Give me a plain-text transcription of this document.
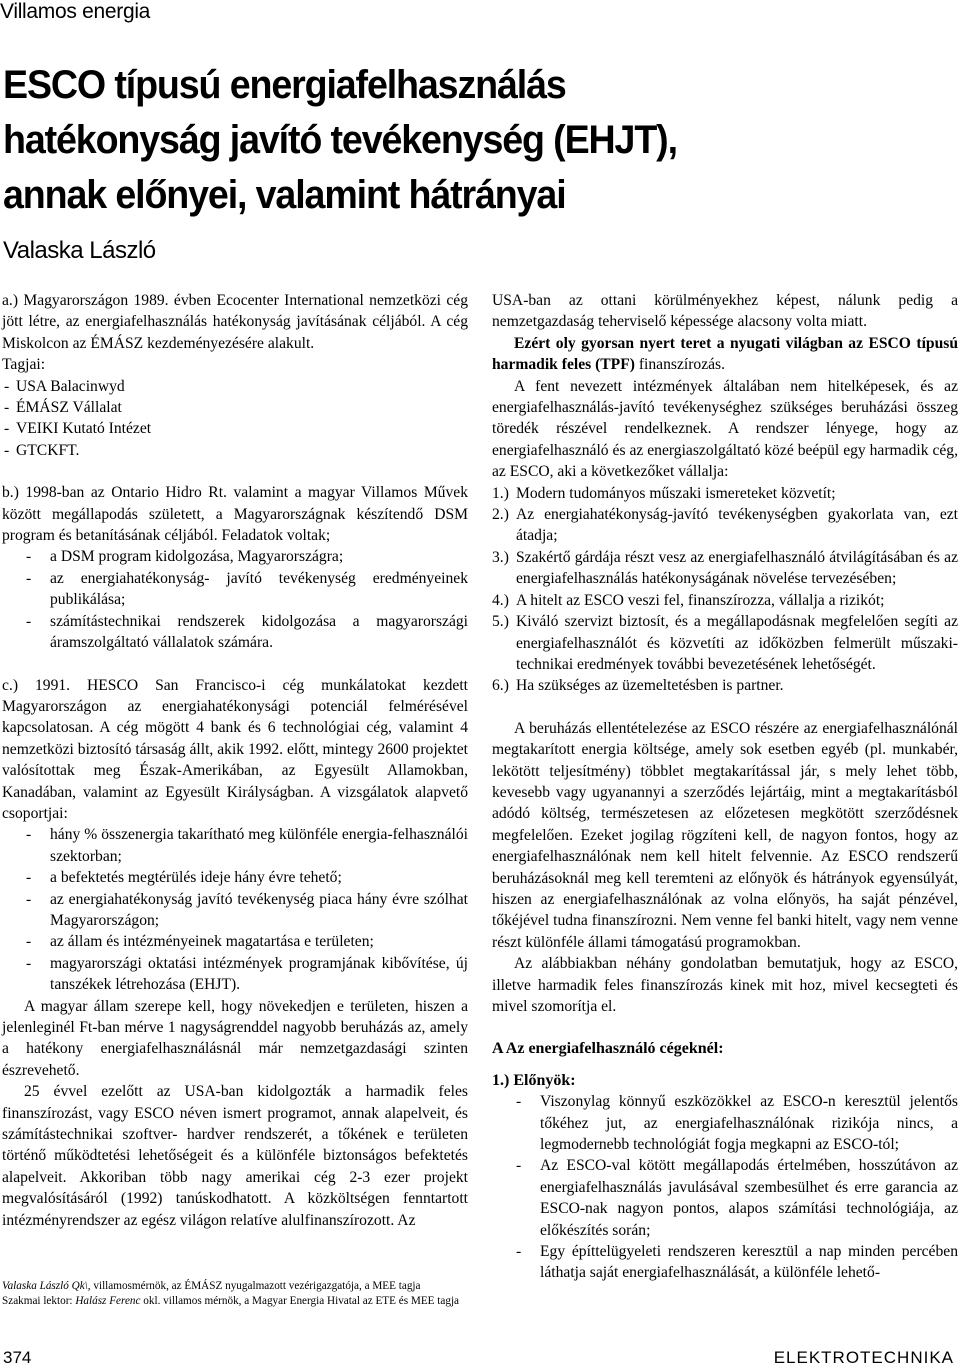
Villamos energia
ESCO típusú energiafelhasználás
hatékonyság javító tevékenység (EHJT),
annak előnyei, valamint hátrányai
Valaska László

a.) Magyarországon 1989. évben Ecocenter International nemzetközi cég jött létre, az energiafelhasználás hatékonyság javításának céljából. A cég Miskolcon az ÉMÁSZ kezdeményezésére alakult.

Tagjai:

- USA Balacinwyd
- ÉMÁSZ Vállalat
- VEIKI Kutató Intézet
- GTCKFT.

b.) 1998-ban az Ontario Hidro Rt. valamint a magyar Villamos Művek között megállapodás született, a Magyarországnak készítendő DSM program és betanításának céljából. Feladatok voltak;

- a DSM program kidolgozása, Magyarországra;
- az energiahatékonyság- javító tevékenység eredményeinek publikálása;
- számítástechnikai rendszerek kidolgozása a magyarországi áramszolgáltató vállalatok számára.

c.) 1991. HESCO San Francisco-i cég munkálatokat kezdett Magyarországon az energiahatékonysági potenciál felmérésével kapcsolatosan. A cég mögött 4 bank és 6 technológiai cég, valamint 4 nemzetközi biztosító társaság állt, akik 1992. előtt, mintegy 2600 projektet valósítottak meg Észak-Amerikában, az Egyesült Allamokban, Kanadában, valamint az Egyesült Királyságban. A vizsgálatok alapvető csoportjai:

- hány % összenergia takarítható meg különféle energia-felhasználói szektorban;
- a befektetés megtérülés ideje hány évre tehető;
- az energiahatékonyság javító tevékenység piaca hány évre szólhat Magyarországon;
- az állam és intézményeinek magatartása e területen;
- magyarországi oktatási intézmények programjának kibővítése, új tanszékek létrehozása (EHJT).

A magyar állam szerepe kell, hogy növekedjen e területen, hiszen a jelenleginél Ft-ban mérve 1 nagyságrenddel nagyobb beruházás az, amely a hatékony energiafelhasználásnál már nemzetgazdasági szinten észrevehető.

25 évvel ezelőtt az USA-ban kidolgozták a harmadik feles finanszírozást, vagy ESCO néven ismert programot, annak alapelveit, és számítástechnikai szoftver- hardver rendszerét, a tőkének e területen történő működtetési lehetőségeit és a különféle biztonságos befektetés alapelveit. Akkoriban több nagy amerikai cég 2-3 ezer projekt megvalósításáról (1992) tanúskodhatott. A közköltségen fenntartott intézményrendszer az egész világon relatíve alulfinanszírozott. Az

USA-ban az ottani körülményekhez képest, nálunk pedig a nemzetgazdaság teherviselő képessége alacsony volta miatt.

Ezért oly gyorsan nyert teret a nyugati világban az ESCO típusú harmadik feles (TPF) finanszírozás.

A fent nevezett intézmények általában nem hitelképesek, és az energiafelhasználás-javító tevékenységhez szükséges beruházási összeg töredék részével rendelkeznek. A rendszer lényege, hogy az energiafelhasználó és az energiaszolgáltató közé beépül egy harmadik cég, az ESCO, aki a következőket vállalja:

1.) Modern tudományos műszaki ismereteket közvetít;
2.) Az energiahatékonyság-javító tevékenységben gyakorlata van, ezt átadja;
3.) Szakértő gárdája részt vesz az energiafelhasználó átvilágításában és az energiafelhasználás hatékonyságának növelése tervezésében;
4.) A hitelt az ESCO veszi fel, finanszírozza, vállalja a rizikót;
5.) Kiváló szervizt biztosít, és a megállapodásnak megfelelően segíti az energiafelhasználót és közvetíti az időközben felmerült műszaki-technikai eredmények további bevezetésének lehetőségét.
6.) Ha szükséges az üzemeltetésben is partner.

A beruházás ellentételezése az ESCO részére az energiafelhasználónál megtakarított energia költsége, amely sok esetben egyéb (pl. munkabér, lekötött teljesítmény) többlet megtakarítással jár, s mely lehet több, kevesebb vagy ugyanannyi a szerződés lejártáig, mint a megtakarításból adódó költség, természetesen az előzetesen megkötött szerződésnek megfelelően. Ezeket jogilag rögzíteni kell, de nagyon fontos, hogy az energiafelhasználónak nem kell hitelt felvennie. Az ESCO rendszerű beruházásoknál meg kell teremteni az előnyök és hátrányok egyensúlyát, hiszen az energiafelhasználónak az volna előnyös, ha saját pénzével, tőkéjével tudna finanszírozni. Nem venne fel banki hitelt, vagy nem venne részt különféle állami támogatású programokban.

Az alábbiakban néhány gondolatban bemutatjuk, hogy az ESCO, illetve harmadik feles finanszírozás kinek mit hoz, mivel kecsegteti és mivel szomorítja el.

A Az energiafelhasználó cégeknél:

1.) Előnyök:

- Viszonylag könnyű eszközökkel az ESCO-n keresztül jelentős tőkéhez jut, az energiafelhasználónak rizikója nincs, a legmodernebb technológiát fogja megkapni az ESCO-tól;
- Az ESCO-val kötött megállapodás értelmében, hosszútávon az energiafelhasználás javulásával szembesülhet és erre garancia az ESCO-nak nagyon pontos, alapos számítási technológiája, az előkészítés során;
- Egy építtelügyeleti rendszeren keresztül a nap minden percében láthatja saját energiafelhasználását, a különféle lehető-
Valaska László Qk\, villamosmérnök, az ÉMÁSZ nyugalmazott vezérigazgatója, a MEE tagja
Szakmai lektor: Halász Ferenc okl. villamos mérnök, a Magyar Energia Hivatal az ETE és MEE tagja
374	ELEKTROTECHNIKA
